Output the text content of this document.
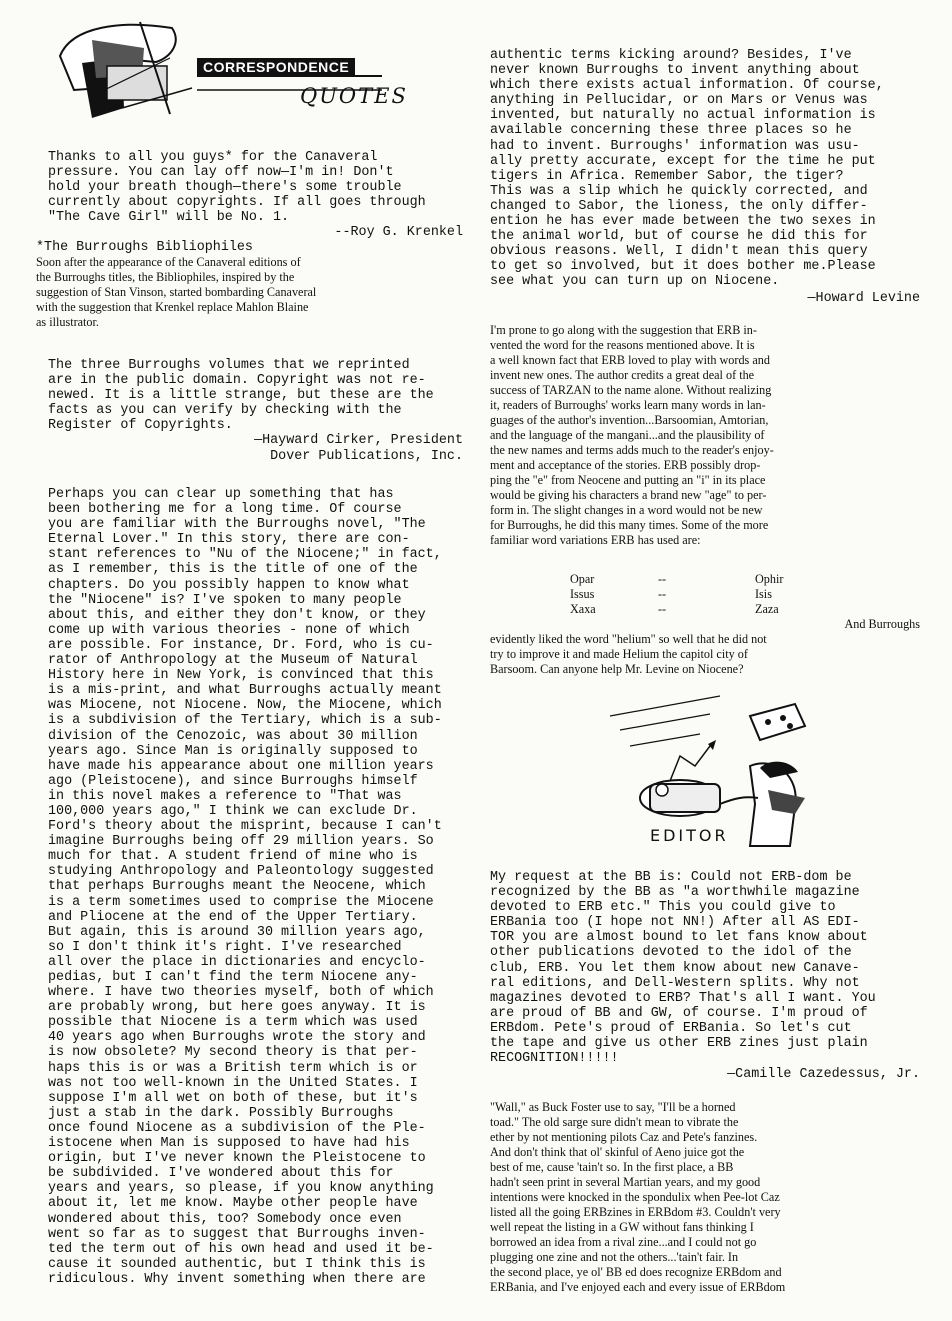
CORRESPONDENCE
QUOTES

Thanks to all you guys* for the Canaveral

pressure. You can lay off now—I'm in! Don't

hold your breath though—there's some trouble

currently about copyrights. If all goes through

"The Cave Girl" will be No. 1.

--Roy G. Krenkel

*The Burroughs Bibliophiles

Soon after the appearance of the Canaveral editions of

the Burroughs titles, the Bibliophiles, inspired by the

suggestion of Stan Vinson, started bombarding Canaveral

with the suggestion that Krenkel replace Mahlon Blaine

as illustrator.

The three Burroughs volumes that we reprinted

are in the public domain. Copyright was not re-

newed. It is a little strange, but these are the

facts as you can verify by checking with the

Register of Copyrights.

—Hayward Cirker, President

Dover Publications, Inc.

Perhaps you can clear up something that has

been bothering me for a long time. Of course

you are familiar with the Burroughs novel, "The

Eternal Lover." In this story, there are con-

stant references to "Nu of the Niocene;" in fact,

as I remember, this is the title of one of the

chapters. Do you possibly happen to know what

the "Niocene" is? I've spoken to many people

about this, and either they don't know, or they

come up with various theories - none of which

are possible. For instance, Dr. Ford, who is cu-

rator of Anthropology at the Museum of Natural

History here in New York, is convinced that this

is a mis-print, and what Burroughs actually meant

was Miocene, not Niocene. Now, the Miocene, which

is a subdivision of the Tertiary, which is a sub-

division of the Cenozoic, was about 30 million

years ago. Since Man is originally supposed to

have made his appearance about one million years

ago (Pleistocene), and since Burroughs himself

in this novel makes a reference to "That was

100,000 years ago," I think we can exclude Dr.

Ford's theory about the misprint, because I can't

imagine Burroughs being off 29 million years. So

much for that. A student friend of mine who is

studying Anthropology and Paleontology suggested

that perhaps Burroughs meant the Neocene, which

is a term sometimes used to comprise the Miocene

and Pliocene at the end of the Upper Tertiary.

But again, this is around 30 million years ago,

so I don't think it's right. I've researched

all over the place in dictionaries and encyclo-

pedias, but I can't find the term Niocene any-

where. I have two theories myself, both of which

are probably wrong, but here goes anyway. It is

possible that Niocene is a term which was used

40 years ago when Burroughs wrote the story and

is now obsolete? My second theory is that per-

haps this is or was a British term which is or

was not too well-known in the United States. I

suppose I'm all wet on both of these, but it's

just a stab in the dark. Possibly Burroughs

once found Niocene as a subdivision of the Ple-

istocene when Man is supposed to have had his

origin, but I've never known the Pleistocene to

be subdivided. I've wondered about this for

years and years, so please, if you know anything

about it, let me know. Maybe other people have

wondered about this, too? Somebody once even

went so far as to suggest that Burroughs inven-

ted the term out of his own head and used it be-

cause it sounded authentic, but I think this is

ridiculous. Why invent something when there are

authentic terms kicking around? Besides, I've

never known Burroughs to invent anything about

which there exists actual information. Of course,

anything in Pellucidar, or on Mars or Venus was

invented, but naturally no actual information is

available concerning these three places so he

had to invent. Burroughs' information was usu-

ally pretty accurate, except for the time he put

tigers in Africa. Remember Sabor, the tiger?

This was a slip which he quickly corrected, and

changed to Sabor, the lioness, the only differ-

ention he has ever made between the two sexes in

the animal world, but of course he did this for

obvious reasons. Well, I didn't mean this query

to get so involved, but it does bother me.Please

see what you can turn up on Niocene.

—Howard Levine

I'm prone to go along with the suggestion that ERB in-

vented the word for the reasons mentioned above. It is

a well known fact that ERB loved to play with words and

invent new ones. The author credits a great deal of the

success of TARZAN to the name alone. Without realizing

it, readers of Burroughs' works learn many words in lan-

guages of the author's invention...Barsoomian, Amtorian,

and the language of the mangani...and the plausibility of

the new names and terms adds much to the reader's enjoy-

ment and acceptance of the stories. ERB possibly drop-

ping the "e" from Neocene and putting an "i" in its place

would be giving his characters a brand new "age" to per-

form in. The slight changes in a word would not be new

for Burroughs, he did this many times. Some of the more

familiar word variations ERB has used are:

Opar	--	Ophir
Issus	--	Isis
Xaxa	--	Zaza

And Burroughs

evidently liked the word "helium" so well that he did not

try to improve it and made Helium the capitol city of

Barsoom. Can anyone help Mr. Levine on Niocene?

EDITOR

My request at the BB is: Could not ERB-dom be

recognized by the BB as "a worthwhile magazine

devoted to ERB etc." This you could give to

ERBania too (I hope not NN!) After all AS EDI-

TOR you are almost bound to let fans know about

other publications devoted to the idol of the

club, ERB. You let them know about new Canave-

ral editions, and Dell-Western splits. Why not

magazines devoted to ERB? That's all I want. You

are proud of BB and GW, of course. I'm proud of

ERBdom. Pete's proud of ERBania. So let's cut

the tape and give us other ERB zines just plain

RECOGNITION!!!!!

—Camille Cazedessus, Jr.

"Wall," as Buck Foster use to say, "I'll be a horned

toad." The old sarge sure didn't mean to vibrate the

ether by not mentioning pilots Caz and Pete's fanzines.

And don't think that ol' skinful of Aeno juice got the

best of me, cause 'tain't so. In the first place, a BB

hadn't seen print in several Martian years, and my good

intentions were knocked in the spondulix when Pee-lot Caz

listed all the going ERBzines in ERBdom #3. Couldn't very

well repeat the listing in a GW without fans thinking I

borrowed an idea from a rival zine...and I could not go

plugging one zine and not the others...'tain't fair. In

the second place, ye ol' BB ed does recognize ERBdom and

ERBania, and I've enjoyed each and every issue of ERBdom
